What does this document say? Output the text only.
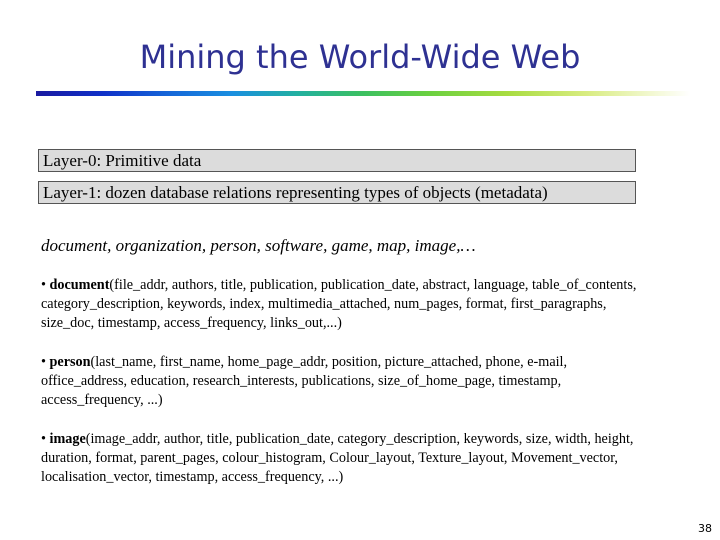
Mining the World-Wide Web
Layer-0: Primitive data
Layer-1: dozen database relations representing types of objects (metadata)
document, organization, person, software, game, map, image,…
• document(file_addr, authors, title, publication, publication_date, abstract, language, table_of_contents, category_description, keywords, index, multimedia_attached, num_pages, format, first_paragraphs, size_doc, timestamp, access_frequency, links_out,...)
• person(last_name, first_name, home_page_addr, position, picture_attached, phone, e-mail, office_address, education, research_interests, publications, size_of_home_page, timestamp, access_frequency, ...)
• image(image_addr, author, title, publication_date, category_description, keywords, size, width, height, duration, format, parent_pages, colour_histogram, Colour_layout, Texture_layout, Movement_vector, localisation_vector, timestamp, access_frequency, ...)
38
